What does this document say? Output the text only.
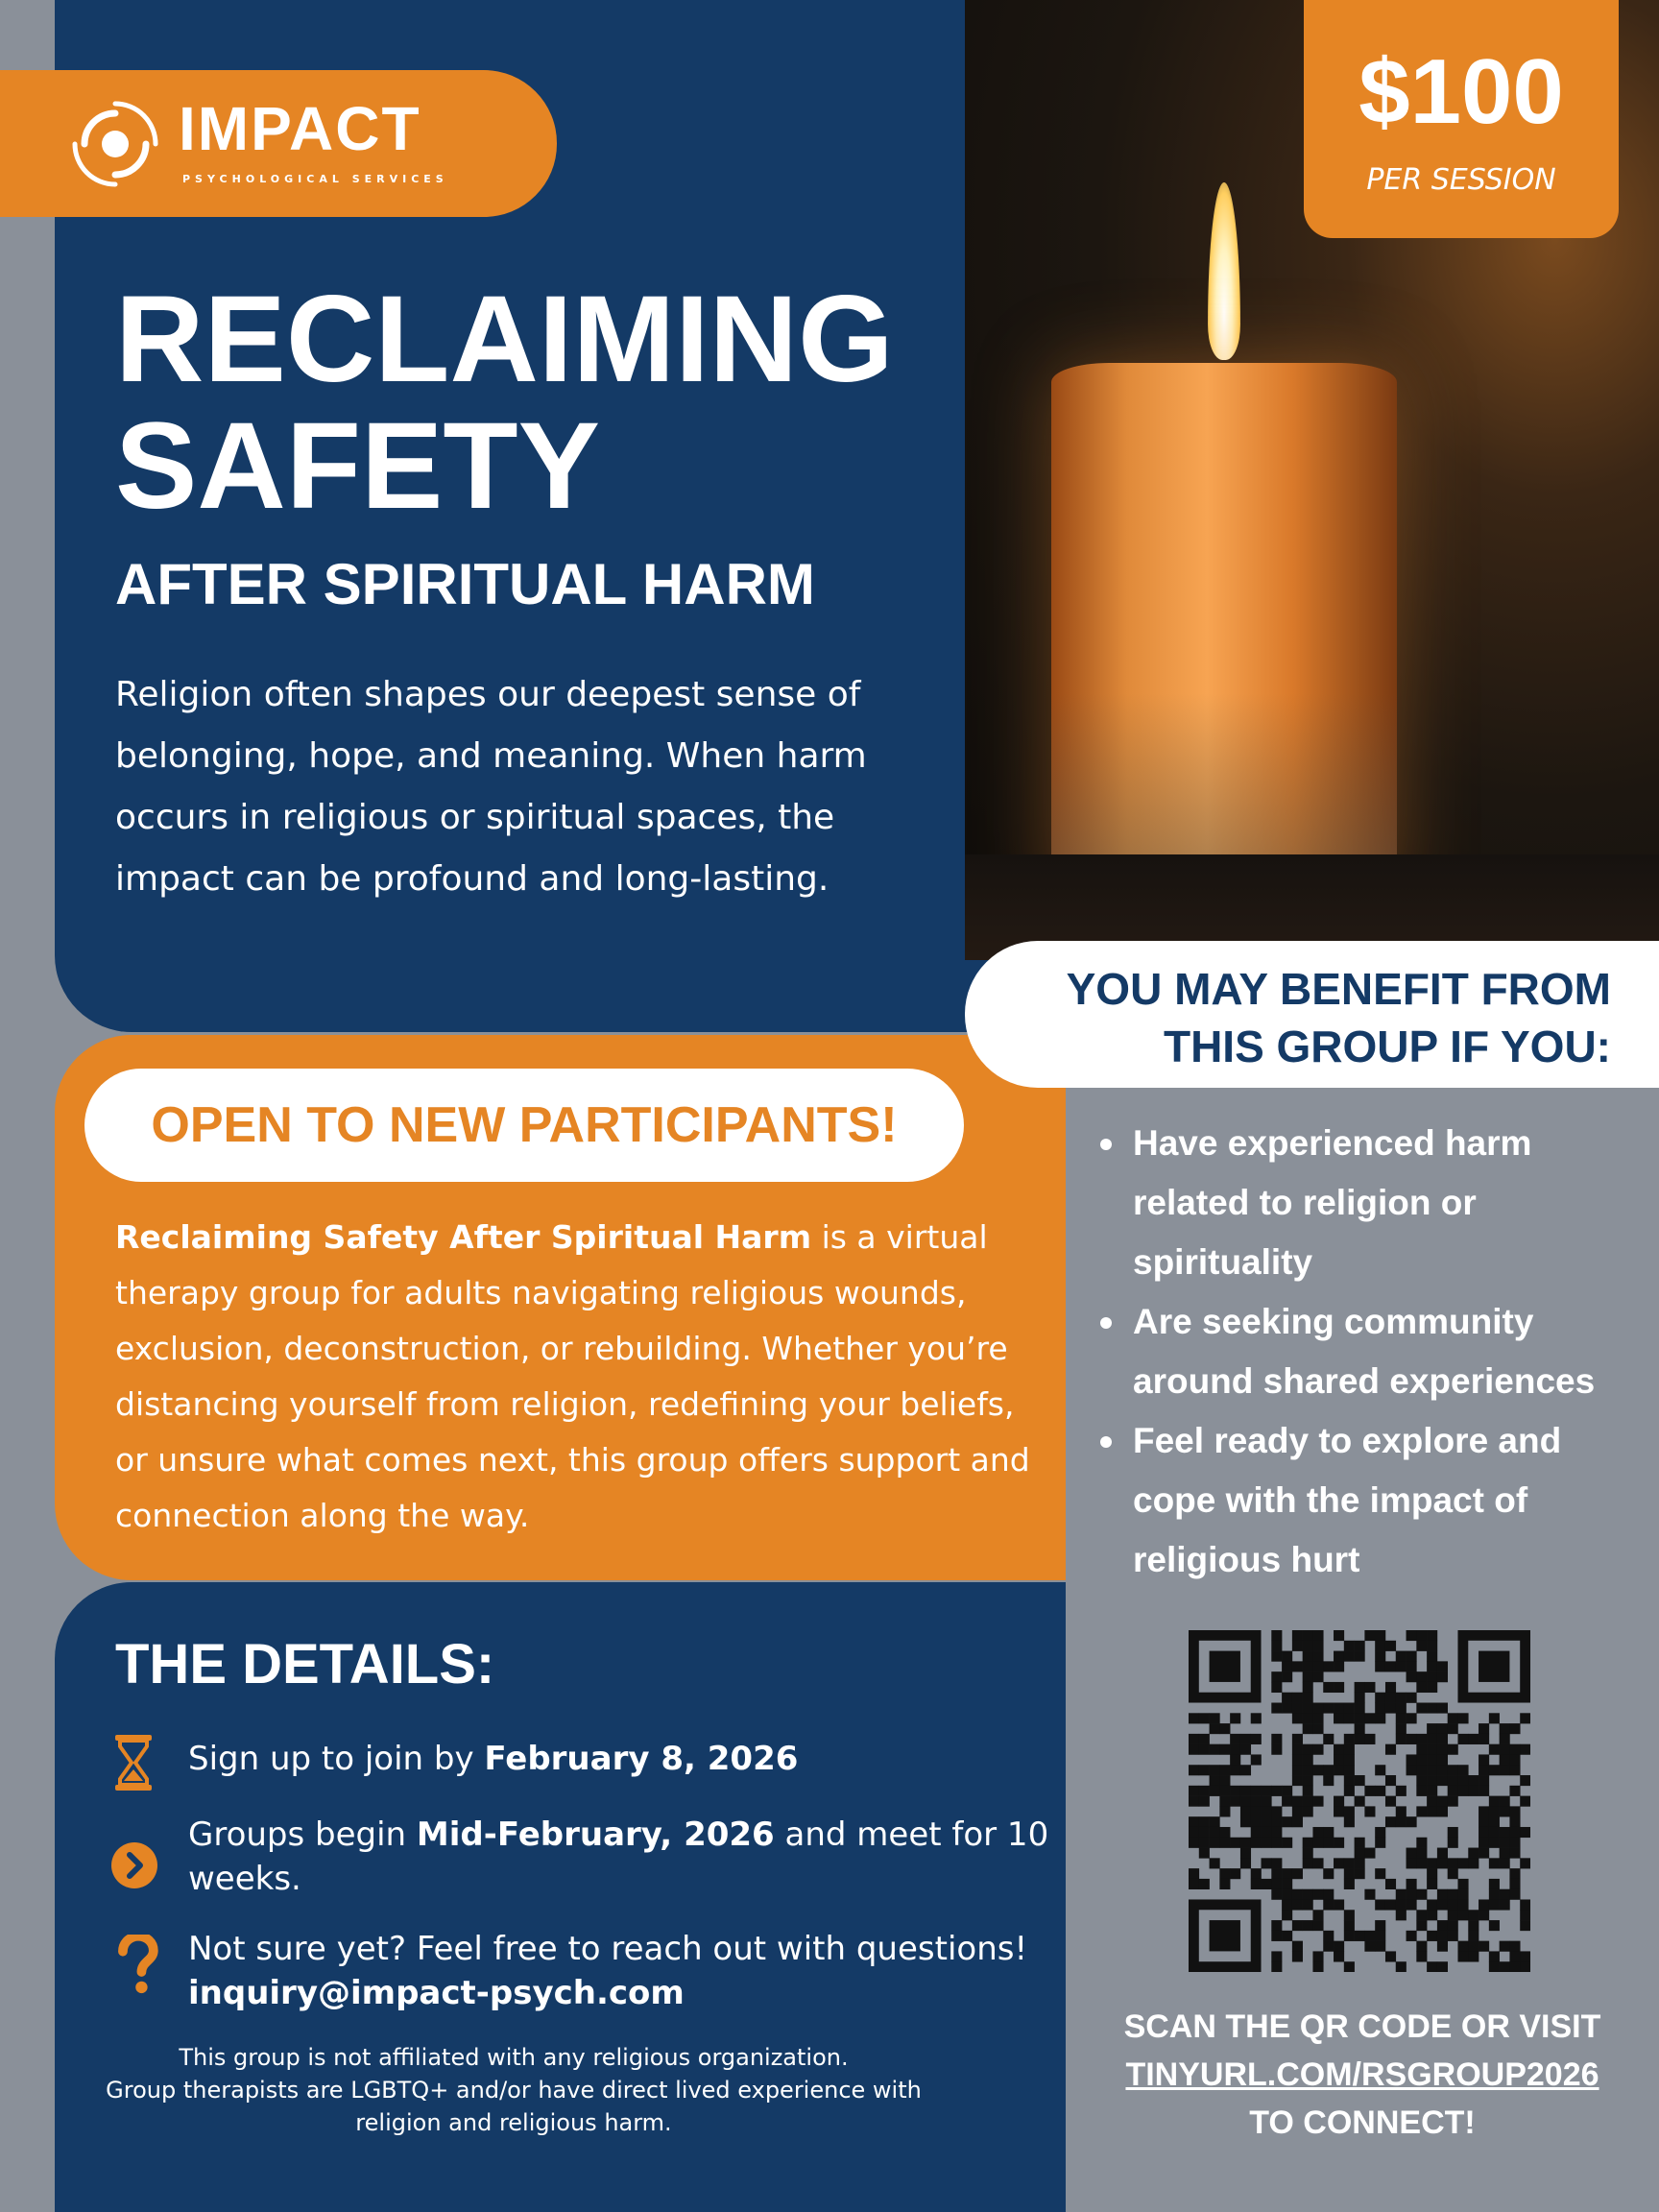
IMPACT
PSYCHOLOGICAL SERVICES
$100
PER SESSION
RECLAIMING
SAFETY
AFTER SPIRITUAL HARM

Religion often shapes our deepest sense of belonging, hope, and meaning. When harm occurs in religious or spiritual spaces, the impact can be profound and long-lasting.

YOU MAY BENEFIT FROM THIS GROUP IF YOU:
OPEN TO NEW PARTICIPANTS!

Reclaiming Safety After Spiritual Harm is a virtual therapy group for adults navigating religious wounds, exclusion, deconstruction, or rebuilding. Whether you’re distancing yourself from religion, redefining your beliefs, or unsure what comes next, this group offers support and connection along the way.

Have experienced harm related to religion or spirituality
Are seeking community around shared experiences
Feel ready to explore and cope with the impact of religious hurt
SCAN THE QR CODE OR VISIT
TINYURL.COM/RSGROUP2026
TO CONNECT!
THE DETAILS:
Sign up to join by February 8, 2026
Groups begin Mid-February, 2026 and meet for 10 weeks.
Not sure yet? Feel free to reach out with questions!
inquiry@impact-psych.com
This group is not affiliated with any religious organization.
Group therapists are LGBTQ+ and/or have direct lived experience with religion and religious harm.
